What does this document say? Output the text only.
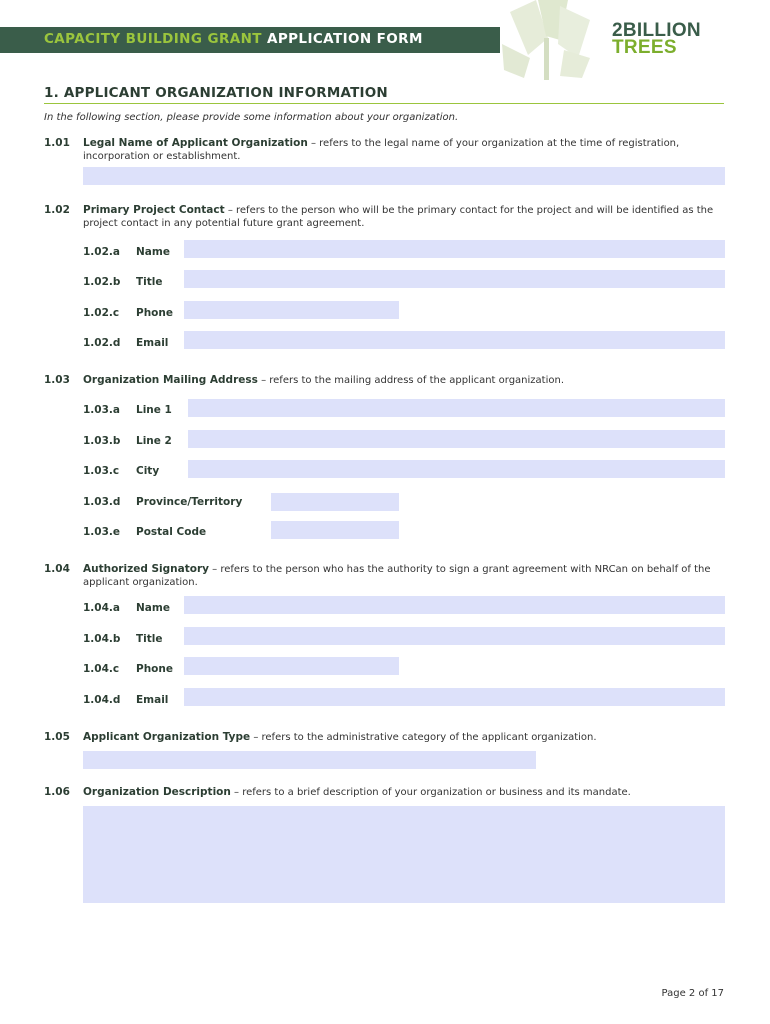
CAPACITY BUILDING GRANT APPLICATION FORM	2BILLION
TREES
1. APPLICANT ORGANIZATION INFORMATION
In the following section, please provide some information about your organization.
1.01 Legal Name of Applicant Organization – refers to the legal name of your organization at the time of registration, incorporation or establishment.
1.02 Primary Project Contact – refers to the person who will be the primary contact for the project and will be identified as the project contact in any potential future grant agreement.
1.02.a Name
1.02.b Title
1.02.c Phone
1.02.d Email
1.03 Organization Mailing Address – refers to the mailing address of the applicant organization.
1.03.a Line 1
1.03.b Line 2
1.03.c City
1.03.d Province/Territory
1.03.e Postal Code
1.04 Authorized Signatory – refers to the person who has the authority to sign a grant agreement with NRCan on behalf of the applicant organization.
1.04.a Name
1.04.b Title
1.04.c Phone
1.04.d Email
1.05 Applicant Organization Type – refers to the administrative category of the applicant organization.
1.06 Organization Description – refers to a brief description of your organization or business and its mandate.
Page 2 of 17
